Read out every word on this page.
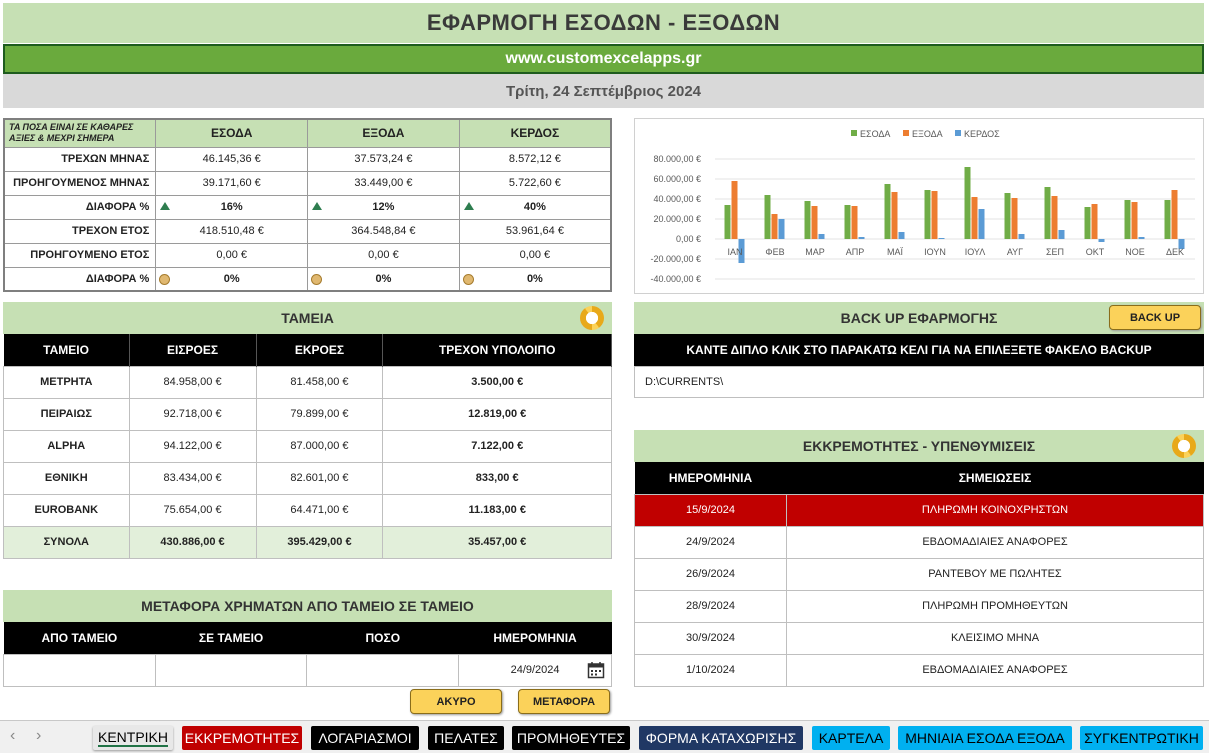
ΕΦΑΡΜΟΓΗ ΕΣΟΔΩΝ - ΕΞΟΔΩΝ
www.customexcelapps.gr
Τρίτη, 24 Σεπτέμβριος 2024
ΤΑ ΠΟΣΑ ΕΙΝΑΙ ΣΕ ΚΑΘΑΡΕΣ ΑΞΙΕΣ & ΜΕΧΡΙ ΣΗΜΕΡΑ	ΕΣΟΔΑ	ΕΞΟΔΑ	ΚΕΡΔΟΣ
ΤΡΕΧΩΝ ΜΗΝΑΣ	46.145,36 €	37.573,24 €	8.572,12 €
ΠΡΟΗΓΟΥΜΕΝΟΣ ΜΗΝΑΣ	39.171,60 €	33.449,00 €	5.722,60 €
ΔΙΑΦΟΡΑ %	16%	12%	40%
ΤΡΕΧΟΝ ΕΤΟΣ	418.510,48 €	364.548,84 €	53.961,64 €
ΠΡΟΗΓΟΥΜΕΝΟ ΕΤΟΣ	0,00 €	0,00 €	0,00 €
ΔΙΑΦΟΡΑ %	0%	0%	0%
80.000,00 €
60.000,00 €
40.000,00 €
20.000,00 €
0,00 €
-20.000,00 €
-40.000,00 €
ΕΣΟΔΑ ΕΞΟΔΑ ΚΕΡΔΟΣ
ΙΑΝ	ΦΕΒ ΜΑΡ ΑΠΡ	ΜΑΪ ΙΟΥΝ ΙΟΥΛ ΑΥΓ	ΣΕΠ ΟΚΤ ΝΟΕ ΔΕΚ
ΤΑΜΕΙΑ
ΤΑΜΕΙΟ	ΕΙΣΡΟΕΣ	ΕΚΡΟΕΣ	ΤΡΕΧΟΝ ΥΠΟΛΟΙΠΟ
ΜΕΤΡΗΤΑ	84.958,00 €	81.458,00 €	3.500,00 €
ΠΕΙΡΑΙΩΣ	92.718,00 €	79.899,00 €	12.819,00 €
ALPHA	94.122,00 €	87.000,00 €	7.122,00 €
ΕΘΝΙΚΗ	83.434,00 €	82.601,00 €	833,00 €
EUROBANK	75.654,00 €	64.471,00 €	11.183,00 €
ΣΥΝΟΛΑ	430.886,00 €	395.429,00 €	35.457,00 €
ΜΕΤΑΦΟΡΑ ΧΡΗΜΑΤΩΝ ΑΠΟ ΤΑΜΕΙΟ ΣΕ ΤΑΜΕΙΟ
ΑΠΟ ΤΑΜΕΙΟ	ΣΕ ΤΑΜΕΙΟ	ΠΟΣΟ	ΗΜΕΡΟΜΗΝΙΑ
			24/9/2024
ΑΚΥΡΟ	ΜΕΤΑΦΟΡΑ
BACK UP ΕΦΑΡΜΟΓΗΣ	BACK UP
ΚΑΝΤΕ ΔΙΠΛΟ ΚΛΙΚ ΣΤΟ ΠΑΡΑΚΑΤΩ ΚΕΛΙ ΓΙΑ ΝΑ ΕΠΙΛΕΞΕΤΕ ΦΑΚΕΛΟ BACKUP
D:\CURRENTS\
ΕΚΚΡΕΜΟΤΗΤΕΣ - ΥΠΕΝΘΥΜΙΣΕΙΣ
ΗΜΕΡΟΜΗΝΙΑ	ΣΗΜΕΙΩΣΕΙΣ
15/9/2024	ΠΛΗΡΩΜΗ ΚΟΙΝΟΧΡΗΣΤΩΝ
24/9/2024	ΕΒΔΟΜΑΔΙΑΙΕΣ ΑΝΑΦΟΡΕΣ
26/9/2024	ΡΑΝΤΕΒΟΥ ΜΕ ΠΩΛΗΤΕΣ
28/9/2024	ΠΛΗΡΩΜΗ ΠΡΟΜΗΘΕΥΤΩΝ
30/9/2024	ΚΛΕΙΣΙΜΟ ΜΗΝΑ
1/10/2024	ΕΒΔΟΜΑΔΙΑΙΕΣ ΑΝΑΦΟΡΕΣ
‹ ›	ΚΕΝΤΡΙΚΗ ΕΚΚΡΕΜΟΤΗΤΕΣ ΛΟΓΑΡΙΑΣΜΟΙ ΠΕΛΑΤΕΣ ΠΡΟΜΗΘΕΥΤΕΣ ΦΟΡΜΑ ΚΑΤΑΧΩΡΙΣΗΣ ΚΑΡΤΕΛΑ ΜΗΝΙΑΙΑ ΕΣΟΔΑ ΕΞΟΔΑ ΣΥΓΚΕΝΤΡΩΤΙΚΗ
